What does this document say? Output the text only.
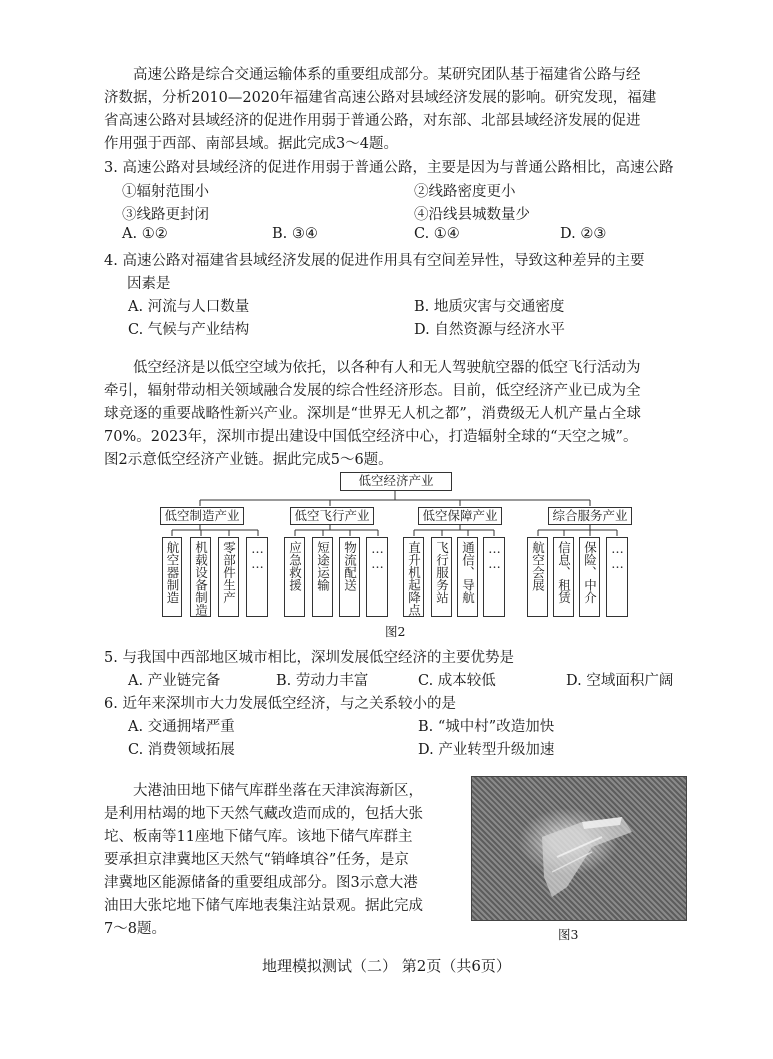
高速公路是综合交通运输体系的重要组成部分。某研究团队基于福建省公路与经
济数据，分析2010—2020年福建省高速公路对县域经济发展的影响。研究发现，福建
省高速公路对县域经济的促进作用弱于普通公路，对东部、北部县域经济发展的促进
作用强于西部、南部县域。据此完成3～4题。
3. 高速公路对县域经济的促进作用弱于普通公路，主要是因为与普通公路相比，高速公路
①辐射范围小	②线路密度更小
③线路更封闭	④沿线县城数量少
A. ①②	B. ③④	C. ①④	D. ②③
4. 高速公路对福建省县域经济发展的促进作用具有空间差异性，导致这种差异的主要
因素是
A. 河流与人口数量	B. 地质灾害与交通密度
C. 气候与产业结构	D. 自然资源与经济水平
低空经济是以低空空域为依托，以各种有人和无人驾驶航空器的低空飞行活动为
牵引，辐射带动相关领域融合发展的综合性经济形态。目前，低空经济产业已成为全
球竞逐的重要战略性新兴产业。深圳是“世界无人机之都”，消费级无人机产量占全球
70%。2023年，深圳市提出建设中国低空经济中心，打造辐射全球的“天空之城”。
图2示意低空经济产业链。据此完成5～6题。
低空经济产业
低空制造产业	低空飞行产业	低空保障产业	综合服务产业
航空器制造 机载设备制造 零部件生产	…… 应急救援 短途运输 物流配送	…… 直升机起降点 飞行服务站 通信、导航 …… 航空会展 信息、租赁 保险、中介	……
图2
5. 与我国中西部地区城市相比，深圳发展低空经济的主要优势是
A. 产业链完备	B. 劳动力丰富	C. 成本较低	D. 空域面积广阔
6. 近年来深圳市大力发展低空经济，与之关系较小的是
A. 交通拥堵严重	B. “城中村”改造加快
C. 消费领域拓展	D. 产业转型升级加速
大港油田地下储气库群坐落在天津滨海新区，
是利用枯竭的地下天然气藏改造而成的，包括大张
坨、板南等11座地下储气库。该地下储气库群主
要承担京津冀地区天然气“销峰填谷”任务，是京
津冀地区能源储备的重要组成部分。图3示意大港
油田大张坨地下储气库地表集注站景观。据此完成
7～8题。	图3
地理模拟测试（二） 第2页（共6页）
